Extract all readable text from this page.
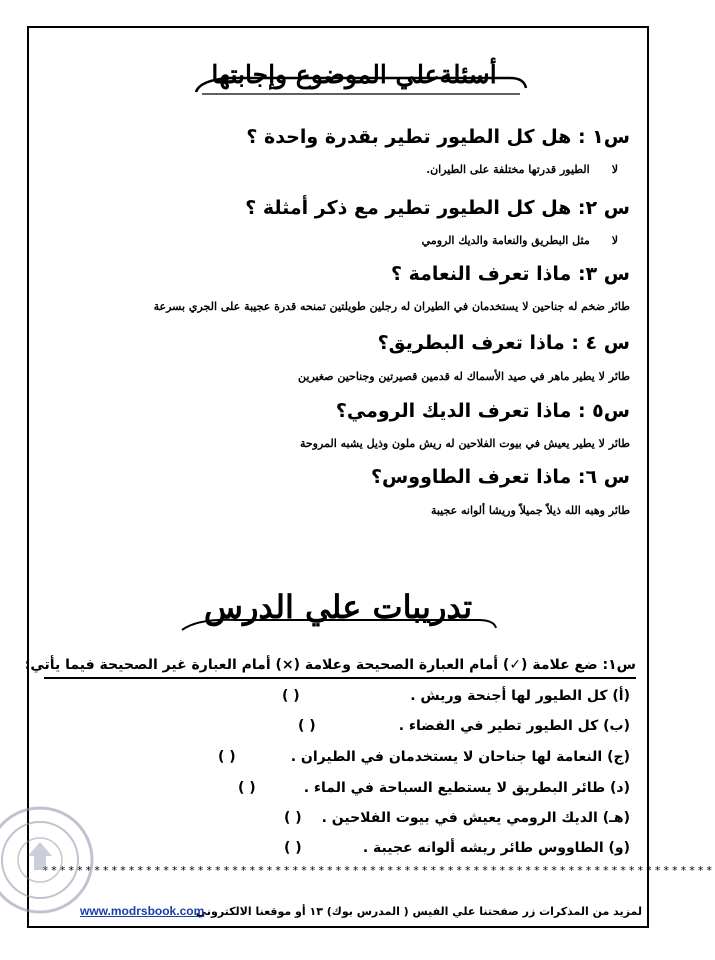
أسئلةعلي الموضوع وإجابتها
س١ : هل كل الطيور تطير بقدرة واحدة ؟
لاالطيور قدرتها مختلفة على الطيران.
س ٢: هل كل الطيور تطير مع ذكر أمثلة ؟
لامثل البطريق والنعامة والديك الرومي
س ٣: ماذا تعرف النعامة ؟
طائر ضخم له جناحين لا يستخدمان في الطيران له رجلين طويلتين تمنحه قدرة عجيبة على الجري بسرعة
س ٤ : ماذا تعرف البطريق؟
طائر لا يطير ماهر في صيد الأسماك له قدمين قصيرتين وجناحين صغيرين
س٥ : ماذا تعرف الديك الرومي؟
طائر لا يطير يعيش في بيوت الفلاحين له ريش ملون وذيل يشبه المروحة
س ٦: ماذا تعرف الطاووس؟
طائر وهبه الله ذيلاً جميلاً وريشا ألوانه عجيبة
تدريبات علي الدرس
س١: ضع علامة (✓) أمام العبارة الصحيحة وعلامة (×) أمام العبارة غير الصحيحة فيما يأتي:
(أ) كل الطيور لها أجنحة وريش .
( )
(ب) كل الطيور تطير في الفضاء .
( )
(ج) النعامة لها جناحان لا يستخدمان في الطيران .
( )
(د) طائر البطريق لا يستطيع السباحة في الماء .
( )
(هـ) الديك الرومي يعيش في بيوت الفلاحين .
( )
(و) الطاووس طائر ريشه ألوانه عجيبة .
( )
******************************************************************************
لمزيد من المذكرات زر صفحتنا علي الفيس ( المدرس بوك) ١٣ أو موقعنا الالكتروني
www.modrsbook.com
